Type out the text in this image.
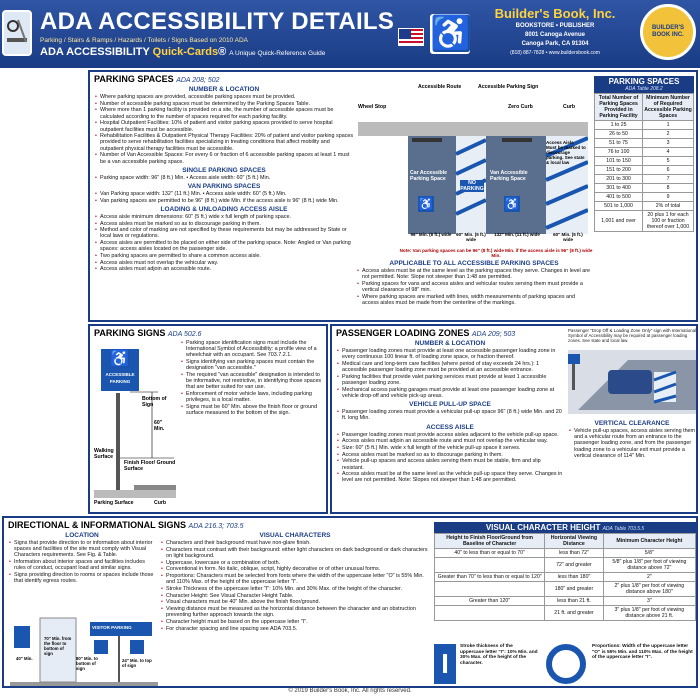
ADA ACCESSIBILITY DETAILS
Parking / Stairs & Ramps / Hazards / Toilets / Signs Based on 2010 ADA
ADA ACCESSIBILITY Quick-Cards® A Unique Quick-Reference Guide
♿
Builder's Book, Inc.
BOOKSTORE • PUBLISHER
8001 Canoga Avenue
Canoga Park, CA 91304
(818) 887-7828 • www.buildersbook.com
BUILDER'S BOOK INC.
PARKING SPACES ADA 208; 502
NUMBER & LOCATION
• Where parking spaces are provided, accessible parking spaces must be provided.
• Number of accessible parking spaces must be determined by the Parking Spaces Table.
• Where more than 1 parking facility is provided on a site, the number of accessible spaces must be calculated according to the number of spaces required for each parking facility.
• Hospital Outpatient Facilities: 10% of patient and visitor parking spaces provided to serve hospital outpatient facilities must be accessible.
• Rehabilitation Facilities & Outpatient Physical Therapy Facilities: 20% of patient and visitor parking spaces provided to serve rehabilitation facilities specializing in treating conditions that affect mobility and outpatient physical therapy facilities must be accessible.
• Number of Van Accessible Spaces: For every 6 or fraction of 6 accessible parking spaces at least 1 must be a van accessible parking space.
SINGLE PARKING SPACES
• Parking space width: 96" (8 ft.) Min. • Access aisle width: 60" (5 ft.) Min.
VAN PARKING SPACES
• Van Parking space width: 132" (11 ft.) Min. • Access aisle width: 60" (5 ft.) Min.
• Van parking spaces are permitted to be 96" (8 ft.) wide Min. if the access aisle is 96" (8 ft.) wide Min.
LOADING & UNLOADING ACCESS AISLE
• Access aisle minimum dimensions: 60" (5 ft.) wide x full length of parking space.
• Access aisles must be marked so as to discourage parking in them.
• Method and color of marking are not specified by these requirements but may be addressed by State or local laws or regulations.
• Access aisles are permitted to be placed on either side of the parking space. Note: Angled or Van parking spaces: access aisles located on the passenger side.
• Two parking spaces are permitted to share a common access aisle.
• Access aisles must not overlap the vehicular way.
• Access aisles must adjoin an accessible route.
Accessible Route	Accessible Parking Sign
Wheel Stop	Zero Curb	Curb
Car Accessible Parking Space
Van Accessible Parking Space
NO PARKING
Access Aisle
Must be marked to discourage parking. See state & local law
♿	♿
96" Min. (8 ft.) wide	60" Min. (5 ft.) wide
132" Min. (11 ft.) wide	60" Min. (5 ft.) wide
Note: Van parking spaces can be 96" (8 ft.) wide Min. if the access aisle is 96" (8 ft.) wide Min.
APPLICABLE TO ALL ACCESSIBLE PARKING SPACES
• Access aisles must be at the same level as the parking spaces they serve. Changes in level are not permitted. Note: Slope not steeper than 1:48 are permitted.
• Parking spaces for vans and access aisles and vehicular routes serving them must provide a vertical clearance of 98" min.
• Where parking spaces are marked with lines, width measurements of parking spaces and access aisles must be made from the centerline of the markings.
PARKING SPACES
ADA Table 208.2
Total Number of Parking Spaces Provided in Parking Facility	Minimum Number of Required Accessible Parking Spaces
1 to 25	1
26 to 50	2
51 to 75	3
76 to 100	4
101 to 150	5
151 to 200	6
201 to 300	7
301 to 400	8
401 to 500	9
501 to 1,000	2% of total
1,001 and over	20 plus 1 for each 100 or fraction thereof over 1,000
PARKING SIGNS ADA 502.6
♿
ACCESSIBLE
PARKING
Bottom of Sign
60" Min.
Finish Floor/ Ground Surface
Walking Surface
Parking Surface	Curb
• Parking space identification signs must include the International Symbol of Accessibility: a profile view of a wheelchair with an occupant. See 703.7.2.1.
• Signs identifying van parking spaces must contain the designation "van accessible."
• The required "van accessible" designation is intended to be informative, not restrictive, in identifying those spaces that are better suited for van use.
• Enforcement of motor vehicle laws, including parking privileges, is a local matter.
• Signs must be 60" Min. above the finish floor or ground surface measured to the bottom of the sign.
PASSENGER LOADING ZONES ADA 209; 503
NUMBER & LOCATION
• Passenger loading zones must provide at least one accessible passenger loading zone in every continuous 100 linear ft. of loading zone space, or fraction thereof.
• Medical care and long-term care facilities (where period of stay exceeds 24 hrs.): 1 accessible passenger loading zone must be provided at an accessible entrance.
• Parking facilities that provide valet parking services must provide at least 1 accessible passenger loading zone.
• Mechanical access parking garages must provide at least one passenger loading zone at vehicle drop-off and vehicle pick-up areas.
VEHICLE PULL-UP SPACE
• Passenger loading zones must provide a vehicular pull-up space 96" (8 ft.) wide Min. and 20 ft. long Min.
ACCESS AISLE
• Passenger loading zones must provide access aisles adjacent to the vehicle pull-up space.
• Access aisles must adjoin an accessible route and must not overlap the vehicular way.
• Size: 60" (5 ft.) Min. wide x full length of the vehicle pull-up space it serves.
• Access aisles must be marked so as to discourage parking in them.
• Vehicle pull-up spaces and access aisles serving them must be stable, firm and slip resistant.
• Access aisles must be at the same level as the vehicle pull-up space they serve. Changes in level are not permitted. Note: Slopes not steeper than 1:48 are permitted.
Passenger "Drop Off & Loading Zone Only" sign with International Symbol of Accessibility may be required at passenger loading zones. See state and local law.
VERTICAL CLEARANCE
• Vehicle pull-up spaces, access aisles serving them and a vehicular route from an entrance to the passenger loading zone, and from the passenger loading zone to a vehicular exit must provide a vertical clearance of 114" Min.
DIRECTIONAL & INFORMATIONAL SIGNS ADA 216.3; 703.5
LOCATION
• Signs that provide direction to or information about interior spaces and facilities of the site must comply with Visual Characters requirements. See Fig. & Table.
• Information about interior spaces and facilities includes rules of conduct, occupant load and similar signs.
• Signs providing direction to rooms or spaces include those that identify egress routes.
40" Min.
70" Min. from the floor to bottom of sign
80" Min. to bottom of sign
24" Min. to top of sign
VISITOR PARKING
VISUAL CHARACTERS
• Characters and their background must have non-glare finish.
• Characters must contrast with their background: either light characters on dark background or dark characters on light background.
• Uppercase, lowercase or a combination of both.
• Conventional in form. No italic, oblique, script, highly decorative or of other unusual forms.
• Proportions: Characters must be selected from fonts where the width of the uppercase letter "O" is 55% Min. and 110% Max. of the height of the uppercase letter "I".
• Stroke Thickness of the uppercase letter "I": 10% Min. and 30% Max. of the height of the character.
• Character Height: See Visual Character Height Table.
• Visual characters must be 40" Min. above the finish floor/ground.
• Viewing distance must be measured as the horizontal distance between the character and an obstruction preventing further approach towards the sign.
• Character height must be based on the uppercase letter "I".
• For character spacing and line spacing see ADA 703.5.
VISUAL CHARACTER HEIGHT ADA Table 703.5.5
Height to Finish Floor/Ground from Baseline of Character	Horizontal Viewing Distance	Minimum Character Height
40" to less than or equal to 70"	less than 72"	5/8"
	72" and greater	5/8" plus 1/8" per foot of viewing distance above 72"
Greater than 70" to less than or equal to 120"	less than 180"	2"
	180" and greater	2" plus 1/8" per foot of viewing distance above 180"
Greater than 120"	less than 21 ft.	3"
	21 ft. and greater	3" plus 1/8" per foot of viewing distance above 21 ft.
I
Stroke thickness of the uppercase letter "I": 10% Min. and 30% Max. of the height of the character.
Proportions: Width of the uppercase letter "O" is 55% Min. and 110% Max. of the height of the uppercase letter "I".
© 2019 Builder's Book, Inc. All rights reserved.
